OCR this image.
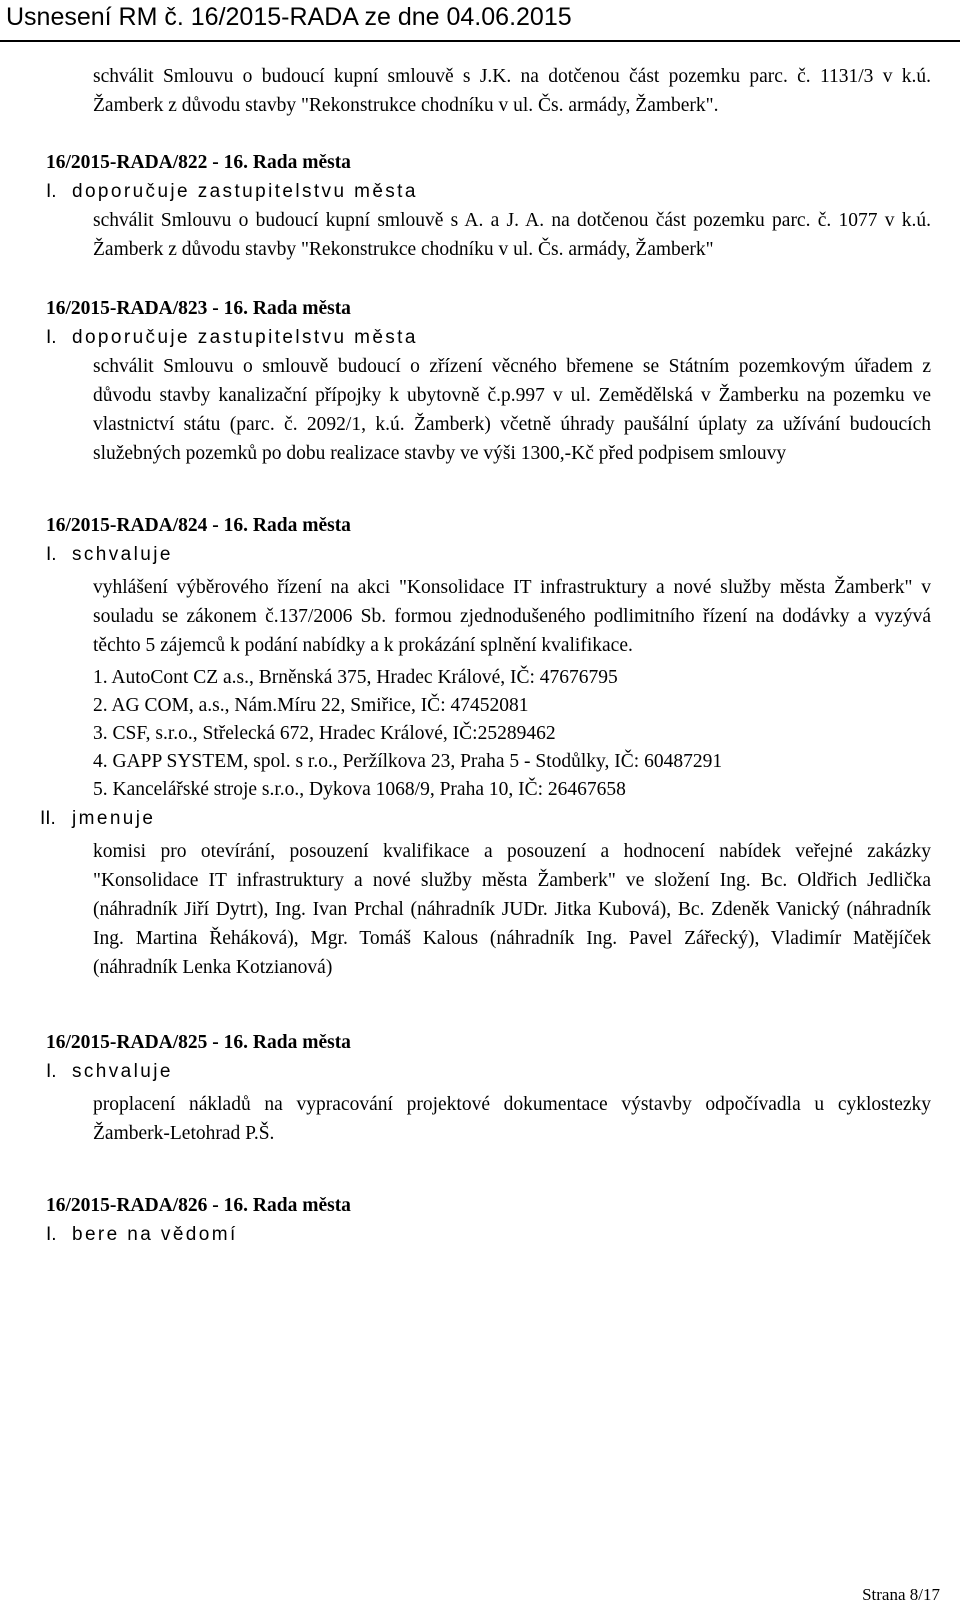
Usnesení RM č. 16/2015-RADA ze dne 04.06.2015

schválit Smlouvu o budoucí kupní smlouvě s J.K. na dotčenou část pozemku parc. č. 1131/3 v k.ú. Žamberk z důvodu stavby "Rekonstrukce chodníku v ul. Čs. armády, Žamberk".

16/2015-RADA/822 - 16. Rada města
I. doporučuje zastupitelstvu města

schválit Smlouvu o budoucí kupní smlouvě s A. a J. A. na dotčenou část pozemku parc. č. 1077 v k.ú. Žamberk z důvodu stavby "Rekonstrukce chodníku v ul. Čs. armády, Žamberk"

16/2015-RADA/823 - 16. Rada města
I. doporučuje zastupitelstvu města

schválit Smlouvu o smlouvě budoucí o zřízení věcného břemene se Státním pozemkovým úřadem z důvodu stavby kanalizační přípojky k ubytovně č.p.997 v ul. Zemědělská v Žamberku na pozemku ve vlastnictví státu (parc. č. 2092/1, k.ú. Žamberk) včetně úhrady paušální úplaty za užívání budoucích služebných pozemků po dobu realizace stavby ve výši 1300,-Kč před podpisem smlouvy

16/2015-RADA/824 - 16. Rada města
I. schvaluje

vyhlášení výběrového řízení na akci "Konsolidace IT infrastruktury a nové služby města Žamberk" v souladu se zákonem č.137/2006 Sb. formou zjednodušeného podlimitního řízení na dodávky a vyzývá těchto 5 zájemců k podání nabídky a k prokázání splnění kvalifikace.

1. AutoCont CZ a.s., Brněnská 375, Hradec Králové, IČ: 47676795
2. AG COM, a.s., Nám.Míru 22, Smiřice, IČ: 47452081
3. CSF, s.r.o., Střelecká 672, Hradec Králové, IČ:25289462
4. GAPP SYSTEM, spol. s r.o., Peržílkova 23, Praha 5 - Stodůlky, IČ: 60487291
5. Kancelářské stroje s.r.o., Dykova 1068/9, Praha 10, IČ: 26467658
II. jmenuje

komisi pro otevírání, posouzení kvalifikace a posouzení a hodnocení nabídek veřejné zakázky "Konsolidace IT infrastruktury a nové služby města Žamberk" ve složení Ing. Bc. Oldřich Jedlička (náhradník Jiří Dytrt), Ing. Ivan Prchal (náhradník JUDr. Jitka Kubová), Bc. Zdeněk Vanický (náhradník Ing. Martina Řeháková), Mgr. Tomáš Kalous (náhradník Ing. Pavel Zářecký), Vladimír Matějíček (náhradník Lenka Kotzianová)

16/2015-RADA/825 - 16. Rada města
I. schvaluje

proplacení nákladů na vypracování projektové dokumentace výstavby odpočívadla u cyklostezky Žamberk-Letohrad P.Š.

16/2015-RADA/826 - 16. Rada města
I. bere na vědomí
Strana 8/17
